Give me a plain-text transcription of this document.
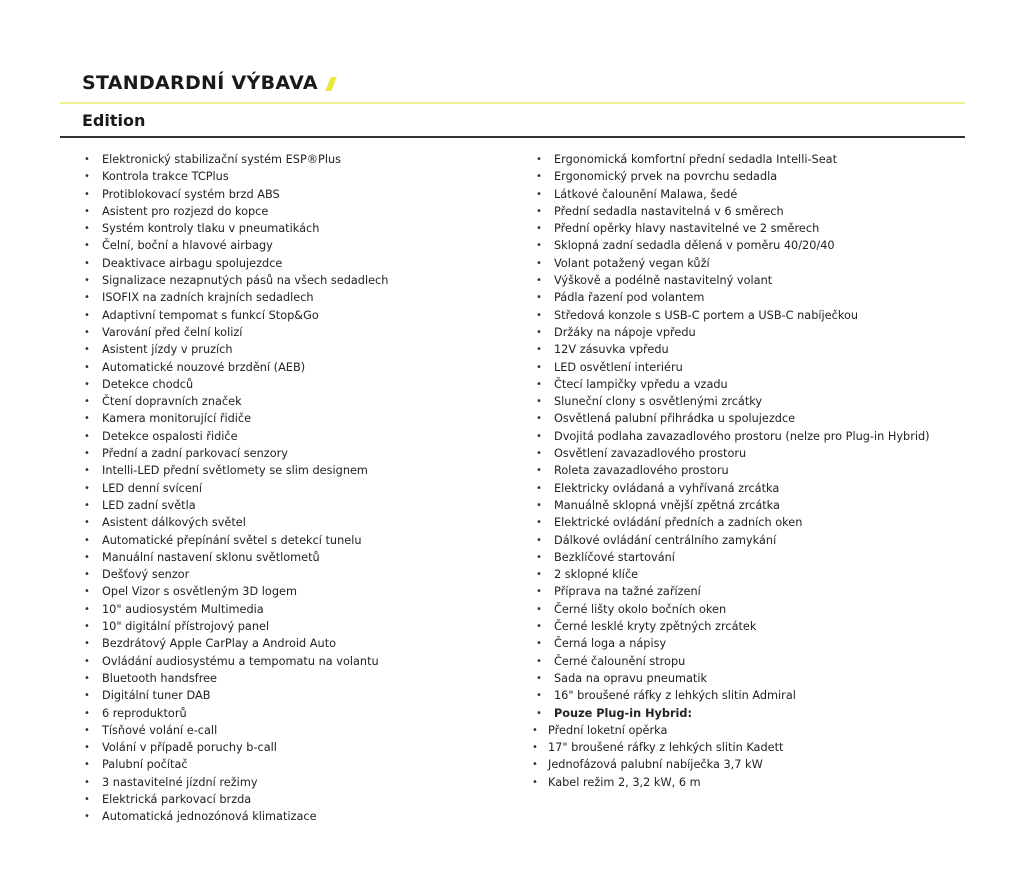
STANDARDNÍ VÝBAVA
Edition
• Elektronický stabilizační systém ESP®Plus
• Kontrola trakce TCPlus
• Protiblokovací systém brzd ABS
• Asistent pro rozjezd do kopce
• Systém kontroly tlaku v pneumatikách
• Čelní, boční a hlavové airbagy
• Deaktivace airbagu spolujezdce
• Signalizace nezapnutých pásů na všech sedadlech
• ISOFIX na zadních krajních sedadlech
• Adaptivní tempomat s funkcí Stop&Go
• Varování před čelní kolizí
• Asistent jízdy v pruzích
• Automatické nouzové brzdění (AEB)
• Detekce chodců
• Čtení dopravních značek
• Kamera monitorující řidiče
• Detekce ospalosti řidiče
• Přední a zadní parkovací senzory
• Intelli-LED přední světlomety se slim designem
• LED denní svícení
• LED zadní světla
• Asistent dálkových světel
• Automatické přepínání světel s detekcí tunelu
• Manuální nastavení sklonu světlometů
• Dešťový senzor
• Opel Vizor s osvětleným 3D logem
• 10" audiosystém Multimedia
• 10" digitální přístrojový panel
• Bezdrátový Apple CarPlay a Android Auto
• Ovládání audiosystému a tempomatu na volantu
• Bluetooth handsfree
• Digitální tuner DAB
• 6 reproduktorů
• Tísňové volání e-call
• Volání v případě poruchy b-call
• Palubní počítač
• 3 nastavitelné jízdní režimy
• Elektrická parkovací brzda
• Automatická jednozónová klimatizace
• Ergonomická komfortní přední sedadla Intelli-Seat
• Ergonomický prvek na povrchu sedadla
• Látkové čalounění Malawa, šedé
• Přední sedadla nastavitelná v 6 směrech
• Přední opěrky hlavy nastavitelné ve 2 směrech
• Sklopná zadní sedadla dělená v poměru 40/20/40
• Volant potažený vegan kůží
• Výškově a podélně nastavitelný volant
• Pádla řazení pod volantem
• Středová konzole s USB-C portem a USB-C nabíječkou
• Držáky na nápoje vpředu
• 12V zásuvka vpředu
• LED osvětlení interiéru
• Čtecí lampičky vpředu a vzadu
• Sluneční clony s osvětlenými zrcátky
• Osvětlená palubní přihrádka u spolujezdce
• Dvojitá podlaha zavazadlového prostoru (nelze pro Plug-in Hybrid)
• Osvětlení zavazadlového prostoru
• Roleta zavazadlového prostoru
• Elektricky ovládaná a vyhřívaná zrcátka
• Manuálně sklopná vnější zpětná zrcátka
• Elektrické ovládání předních a zadních oken
• Dálkové ovládání centrálního zamykání
• Bezklíčové startování
• 2 sklopné klíče
• Příprava na tažné zařízení
• Černé lišty okolo bočních oken
• Černé lesklé kryty zpětných zrcátek
• Černá loga a nápisy
• Černé čalounění stropu
• Sada na opravu pneumatik
• 16" broušené ráfky z lehkých slitin Admiral
• Pouze Plug-in Hybrid:
• Přední loketní opěrka
• 17" broušené ráfky z lehkých slitin Kadett
• Jednofázová palubní nabíječka 3,7 kW
• Kabel režim 2, 3,2 kW, 6 m
